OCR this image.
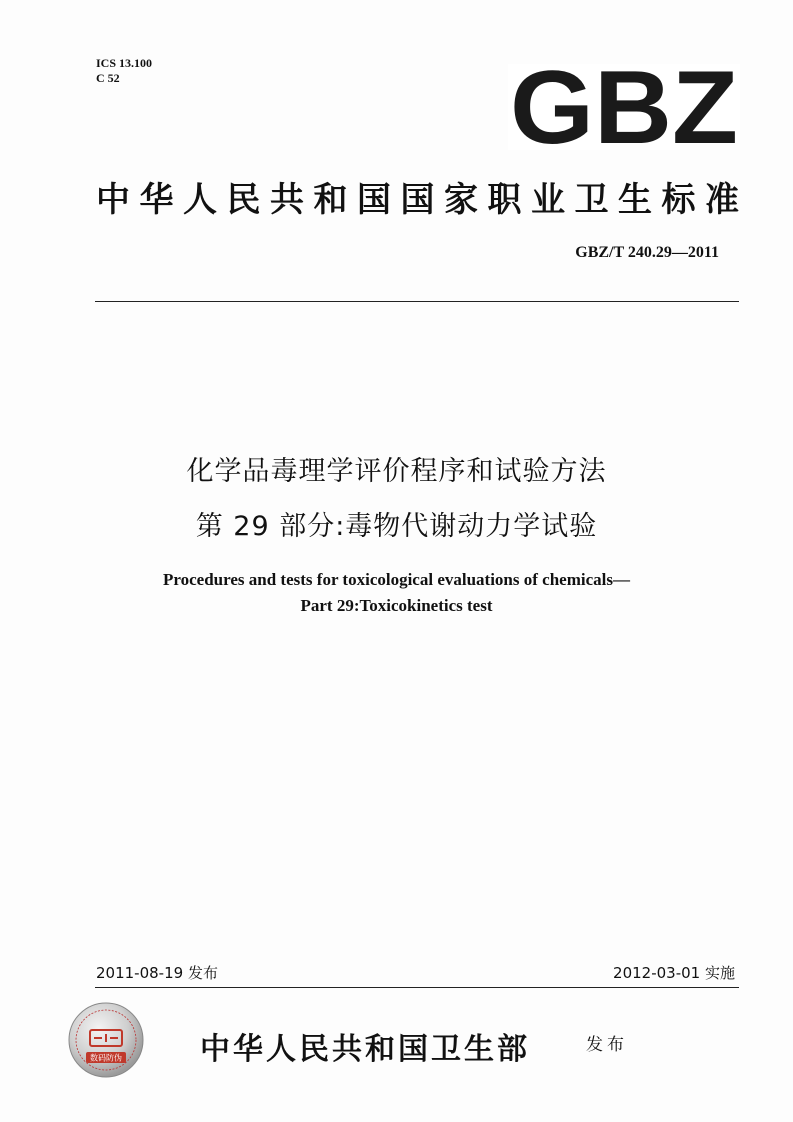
ICS 13.100
C 52	GBZ
中华人民共和国国家职业卫生标准
GBZ/T 240.29—2011
化学品毒理学评价程序和试验方法
第 29 部分:毒物代谢动力学试验
Procedures and tests for toxicological evaluations of chemicals—
Part 29:Toxicokinetics test
2011-08-19 发布	2012-03-01 实施
数码防伪	中华人民共和国卫生部	发布
